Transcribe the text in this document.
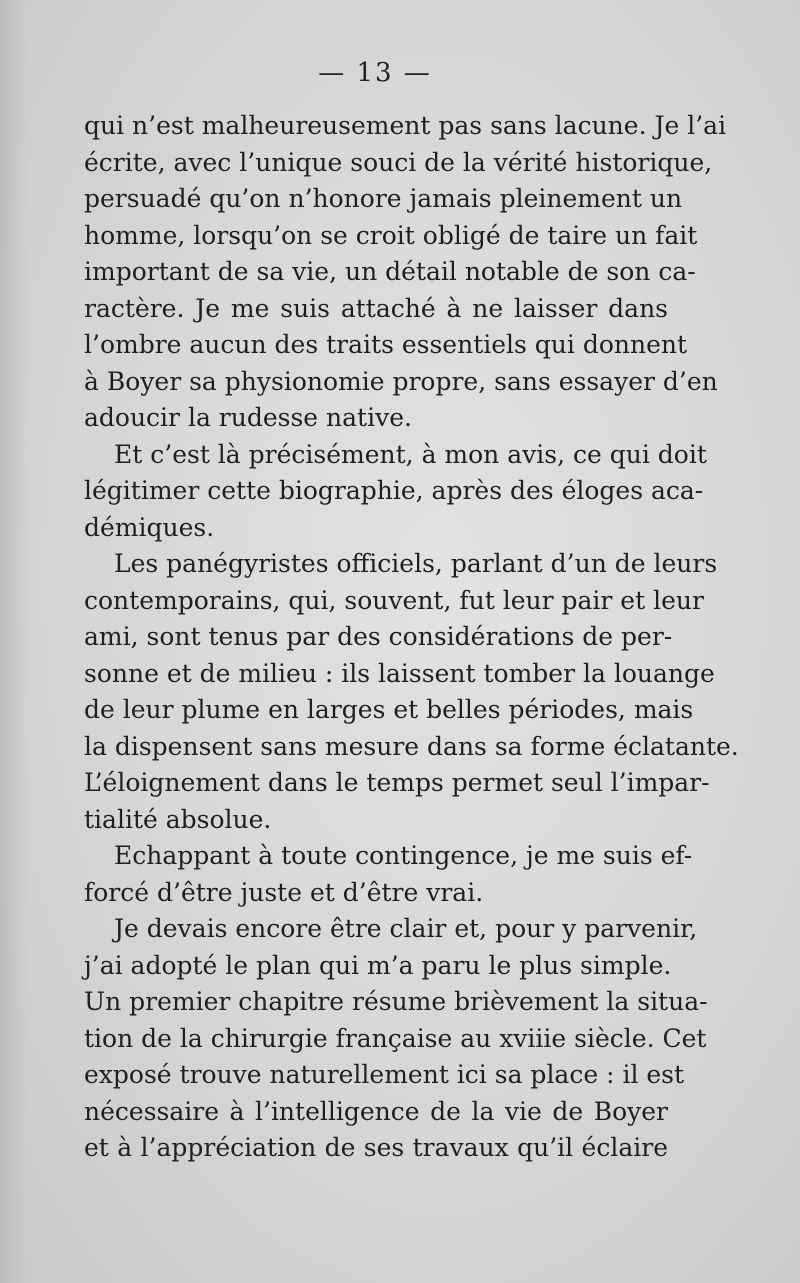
— 13 —
qui n’est malheureusement pas sans lacune. Je l’ai
écrite, avec l’unique souci de la vérité historique,
persuadé qu’on n’honore jamais pleinement un
homme, lorsqu’on se croit obligé de taire un fait
important de sa vie, un détail notable de son ca-
ractère. Je me suis attaché à ne laisser dans
l’ombre aucun des traits essentiels qui donnent
à Boyer sa physionomie propre, sans essayer d’en
adoucir la rudesse native.
Et c’est là précisément, à mon avis, ce qui doit
légitimer cette biographie, après des éloges aca-
démiques.
Les panégyristes officiels, parlant d’un de leurs
contemporains, qui, souvent, fut leur pair et leur
ami, sont tenus par des considérations de per-
sonne et de milieu : ils laissent tomber la louange
de leur plume en larges et belles périodes, mais
la dispensent sans mesure dans sa forme éclatante.
L’éloignement dans le temps permet seul l’impar-
tialité absolue.
Echappant à toute contingence, je me suis ef-
forcé d’être juste et d’être vrai.
Je devais encore être clair et, pour y parvenir,
j’ai adopté le plan qui m’a paru le plus simple.
Un premier chapitre résume brièvement la situa-
tion de la chirurgie française au xviiie siècle. Cet
exposé trouve naturellement ici sa place : il est
nécessaire à l’intelligence de la vie de Boyer
et à l’appréciation de ses travaux qu’il éclaire
